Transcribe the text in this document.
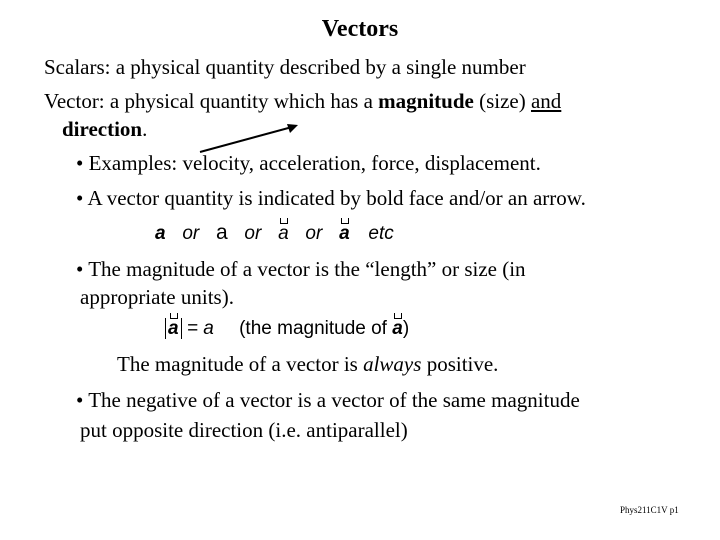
Vectors
Scalars: a physical quantity described by a single number
Vector: a physical quantity which has a magnitude (size) and
direction.
• Examples: velocity, acceleration, force, displacement.
• A vector quantity is indicated by bold face and/or an arrow.
a or a or a or a etc
• The magnitude of a vector is the “length” or size (in
appropriate units).
a = a (the magnitude of a)
The magnitude of a vector is always positive.
• The negative of a vector is a vector of the same magnitude
put opposite direction (i.e. antiparallel)
Phys211C1V p1
